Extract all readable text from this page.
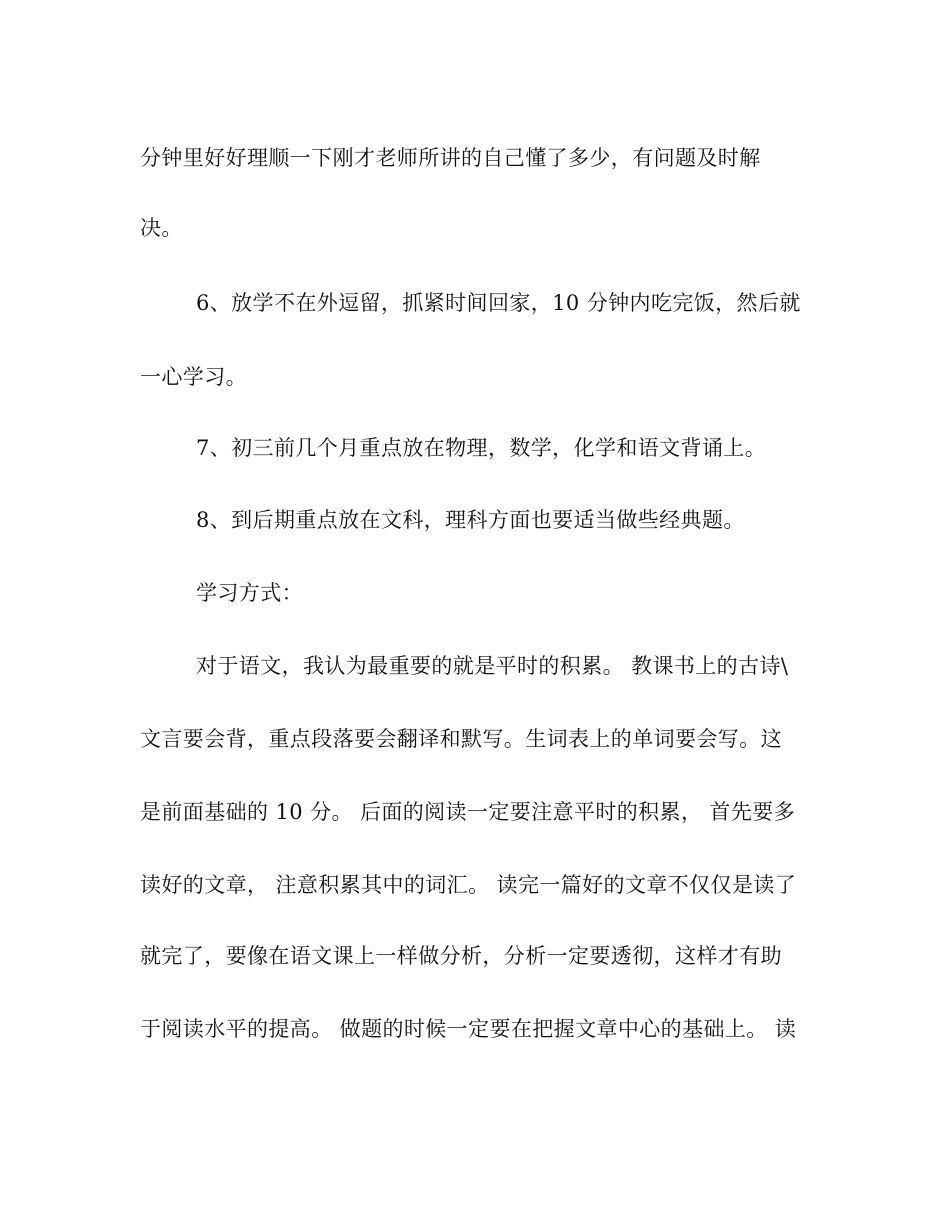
分钟里好好理顺一下刚才老师所讲的自己懂了多少，有问题及时解
决。
6、放学不在外逗留，抓紧时间回家，10 分钟内吃完饭，然后就
一心学习。
7、初三前几个月重点放在物理，数学，化学和语文背诵上。
8、到后期重点放在文科，理科方面也要适当做些经典题。
学习方式：
对于语文，我认为最重要的就是平时的积累。 教课书上的古诗\
文言要会背，重点段落要会翻译和默写。生词表上的单词要会写。这
是前面基础的 10 分。 后面的阅读一定要注意平时的积累， 首先要多
读好的文章， 注意积累其中的词汇。 读完一篇好的文章不仅仅是读了
就完了，要像在语文课上一样做分析，分析一定要透彻，这样才有助
于阅读水平的提高。 做题的时候一定要在把握文章中心的基础上。 读
